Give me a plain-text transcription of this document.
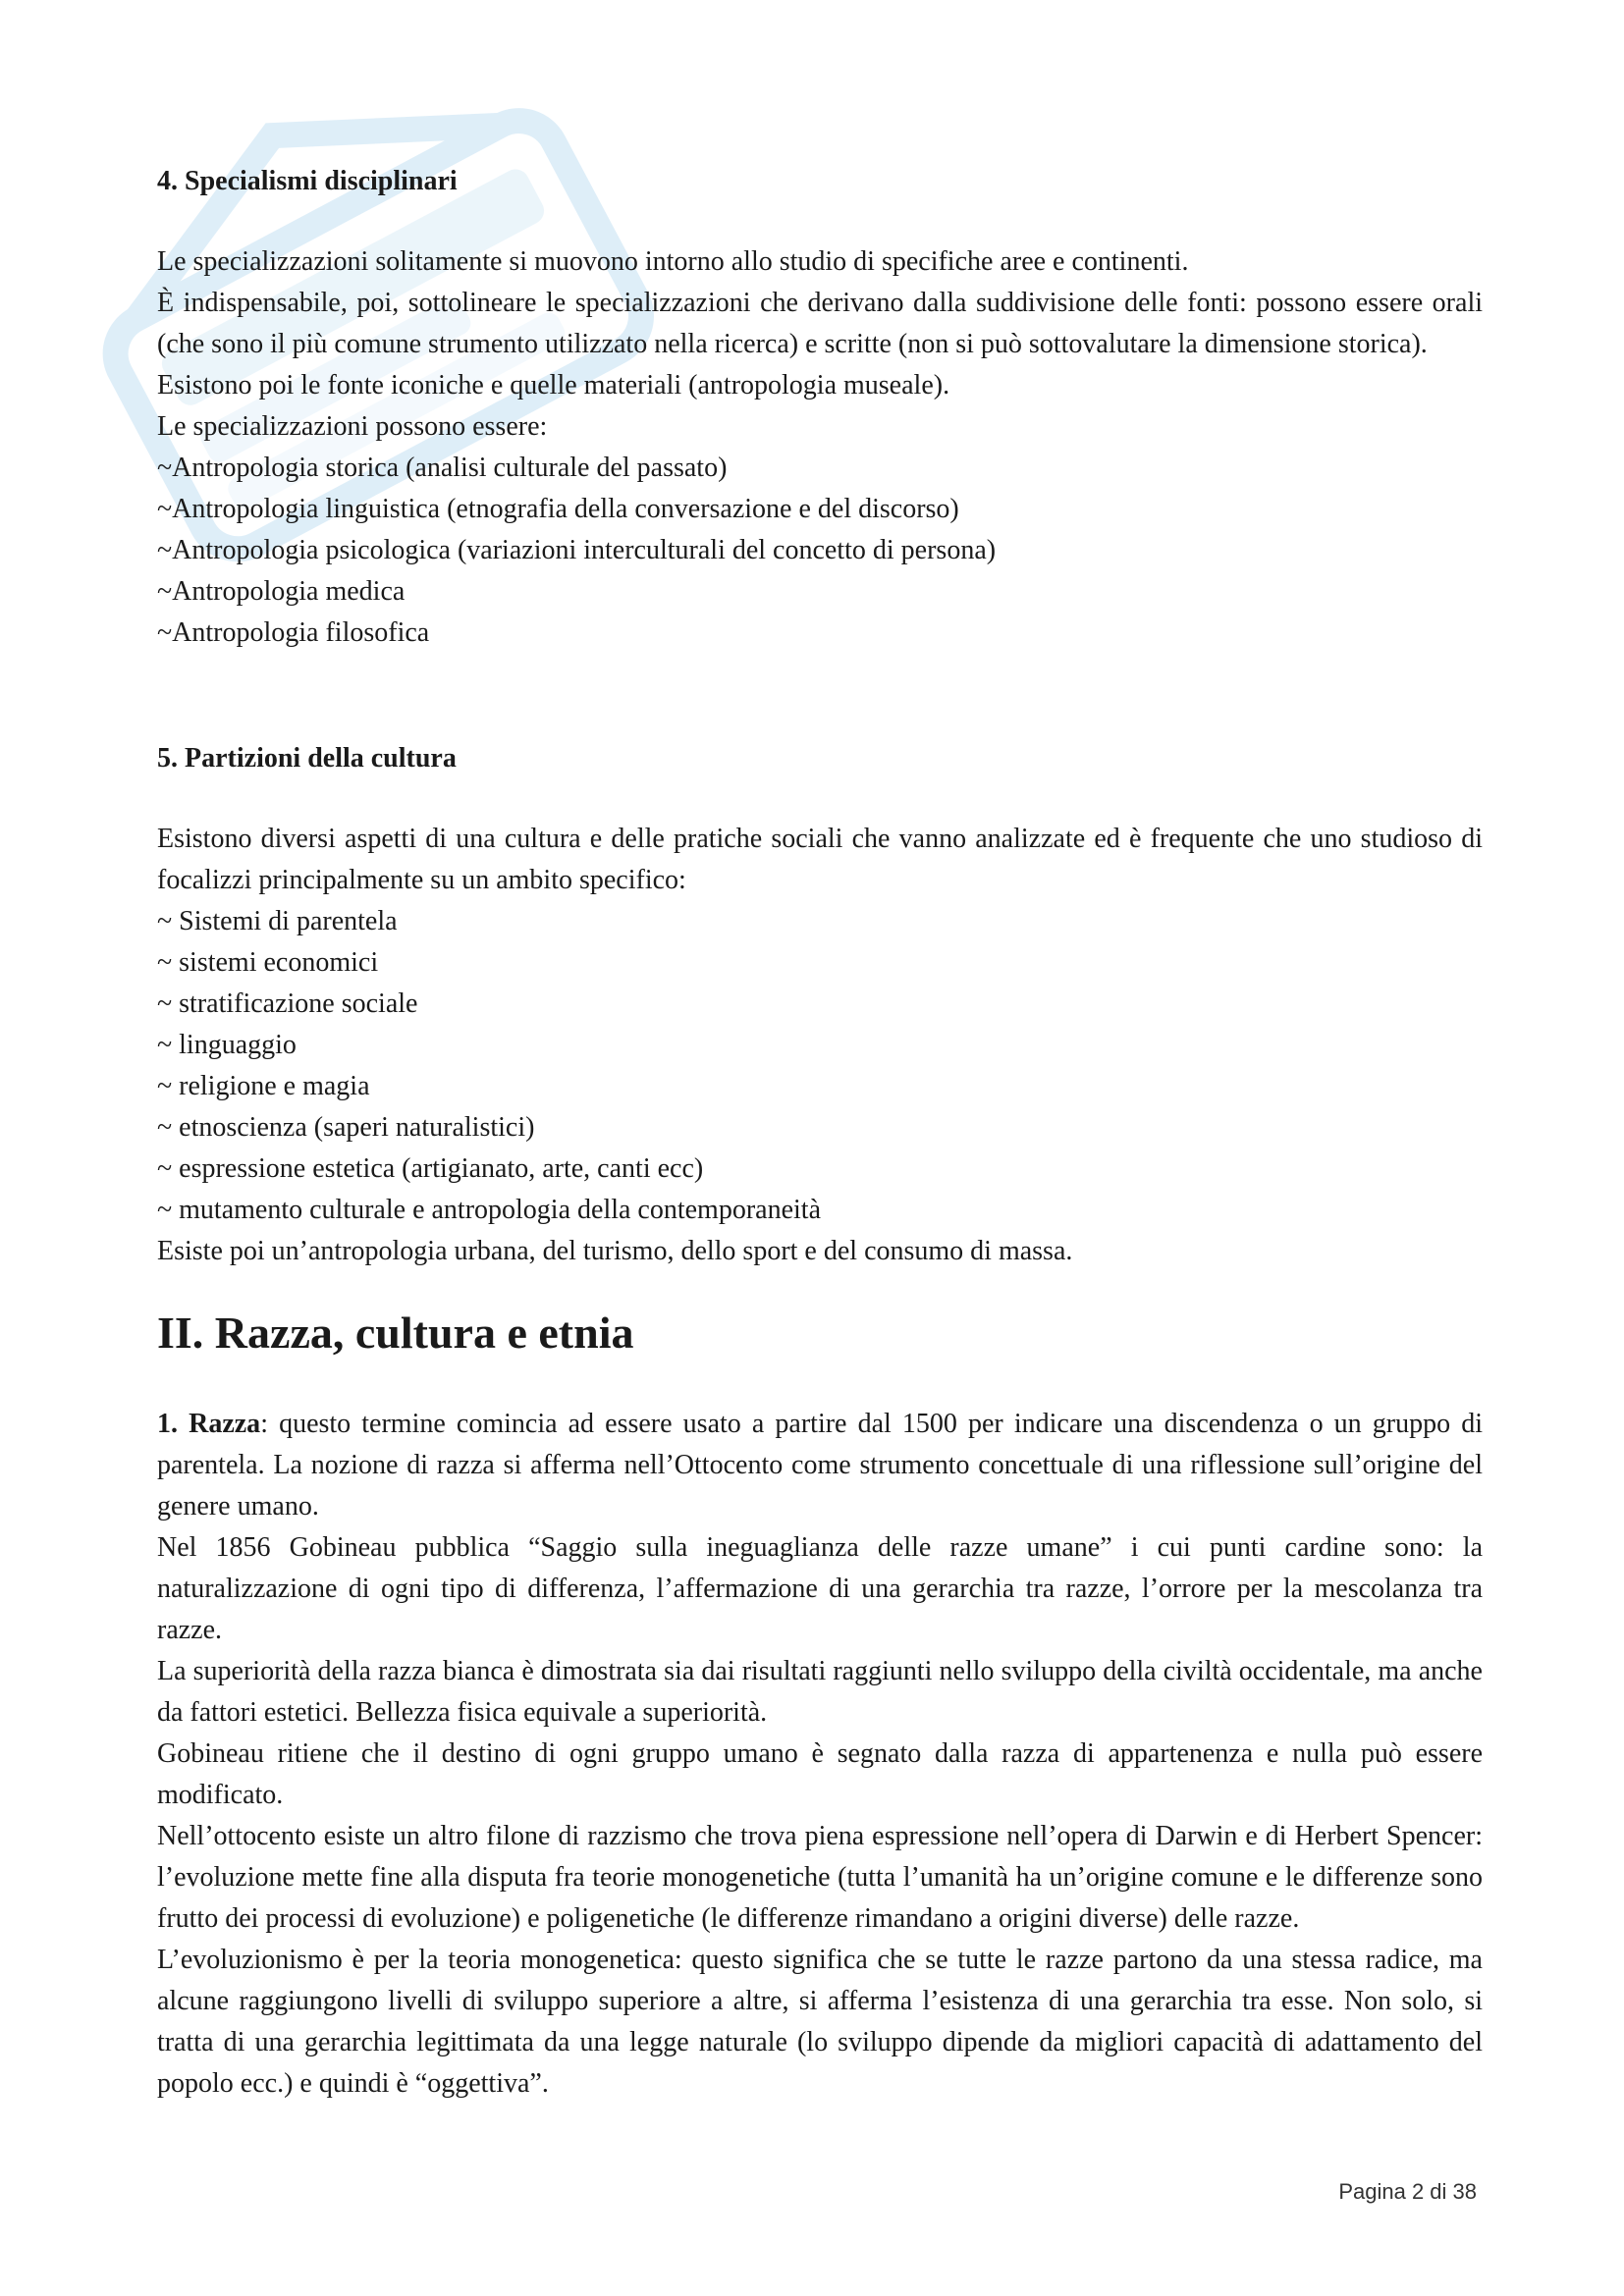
4. Specialismi disciplinari

Le specializzazioni solitamente si muovono intorno allo studio di specifiche aree e continenti.

È indispensabile, poi, sottolineare le specializzazioni che derivano dalla suddivisione delle fonti: possono essere orali (che sono il più comune strumento utilizzato nella ricerca) e scritte (non si può sottovalutare la dimensione storica).

Esistono poi le fonte iconiche e quelle materiali (antropologia museale).

Le specializzazioni possono essere:

~Antropologia storica (analisi culturale del passato)

~Antropologia linguistica (etnografia della conversazione e del discorso)

~Antropologia psicologica (variazioni interculturali del concetto di persona)

~Antropologia medica

~Antropologia filosofica

5. Partizioni della cultura

Esistono diversi aspetti di una cultura e delle pratiche sociali che vanno analizzate ed è frequente che uno studioso di focalizzi principalmente su un ambito specifico:

~ Sistemi di parentela

~ sistemi economici

~ stratificazione sociale

~ linguaggio

~ religione e magia

~ etnoscienza (saperi naturalistici)

~ espressione estetica (artigianato, arte, canti ecc)

~ mutamento culturale e antropologia della contemporaneità

Esiste poi un’antropologia urbana, del turismo, dello sport e del consumo di massa.

II. Razza, cultura e etnia

1. Razza: questo termine comincia ad essere usato a partire dal 1500 per indicare una discendenza o un gruppo di parentela. La nozione di razza si afferma nell’Ottocento come strumento concettuale di una riflessione sull’origine del genere umano.

Nel 1856 Gobineau pubblica “Saggio sulla ineguaglianza delle razze umane” i cui punti cardine sono: la naturalizzazione di ogni tipo di differenza, l’affermazione di una gerarchia tra razze, l’orrore per la mescolanza tra razze.

La superiorità della razza bianca è dimostrata sia dai risultati raggiunti nello sviluppo della civiltà occidentale, ma anche da fattori estetici. Bellezza fisica equivale a superiorità.

Gobineau ritiene che il destino di ogni gruppo umano è segnato dalla razza di appartenenza e nulla può essere modificato.

Nell’ottocento esiste un altro filone di razzismo che trova piena espressione nell’opera di Darwin e di Herbert Spencer: l’evoluzione mette fine alla disputa fra teorie monogenetiche (tutta l’umanità ha un’origine comune e le differenze sono frutto dei processi di evoluzione) e poligenetiche (le differenze rimandano a origini diverse) delle razze.

L’evoluzionismo è per la teoria monogenetica: questo significa che se tutte le razze partono da una stessa radice, ma alcune raggiungono livelli di sviluppo superiore a altre, si afferma l’esistenza di una gerarchia tra esse. Non solo, si tratta di una gerarchia legittimata da una legge naturale (lo sviluppo dipende da migliori capacità di adattamento del popolo ecc.) e quindi è “oggettiva”.

Pagina 2 di 38
